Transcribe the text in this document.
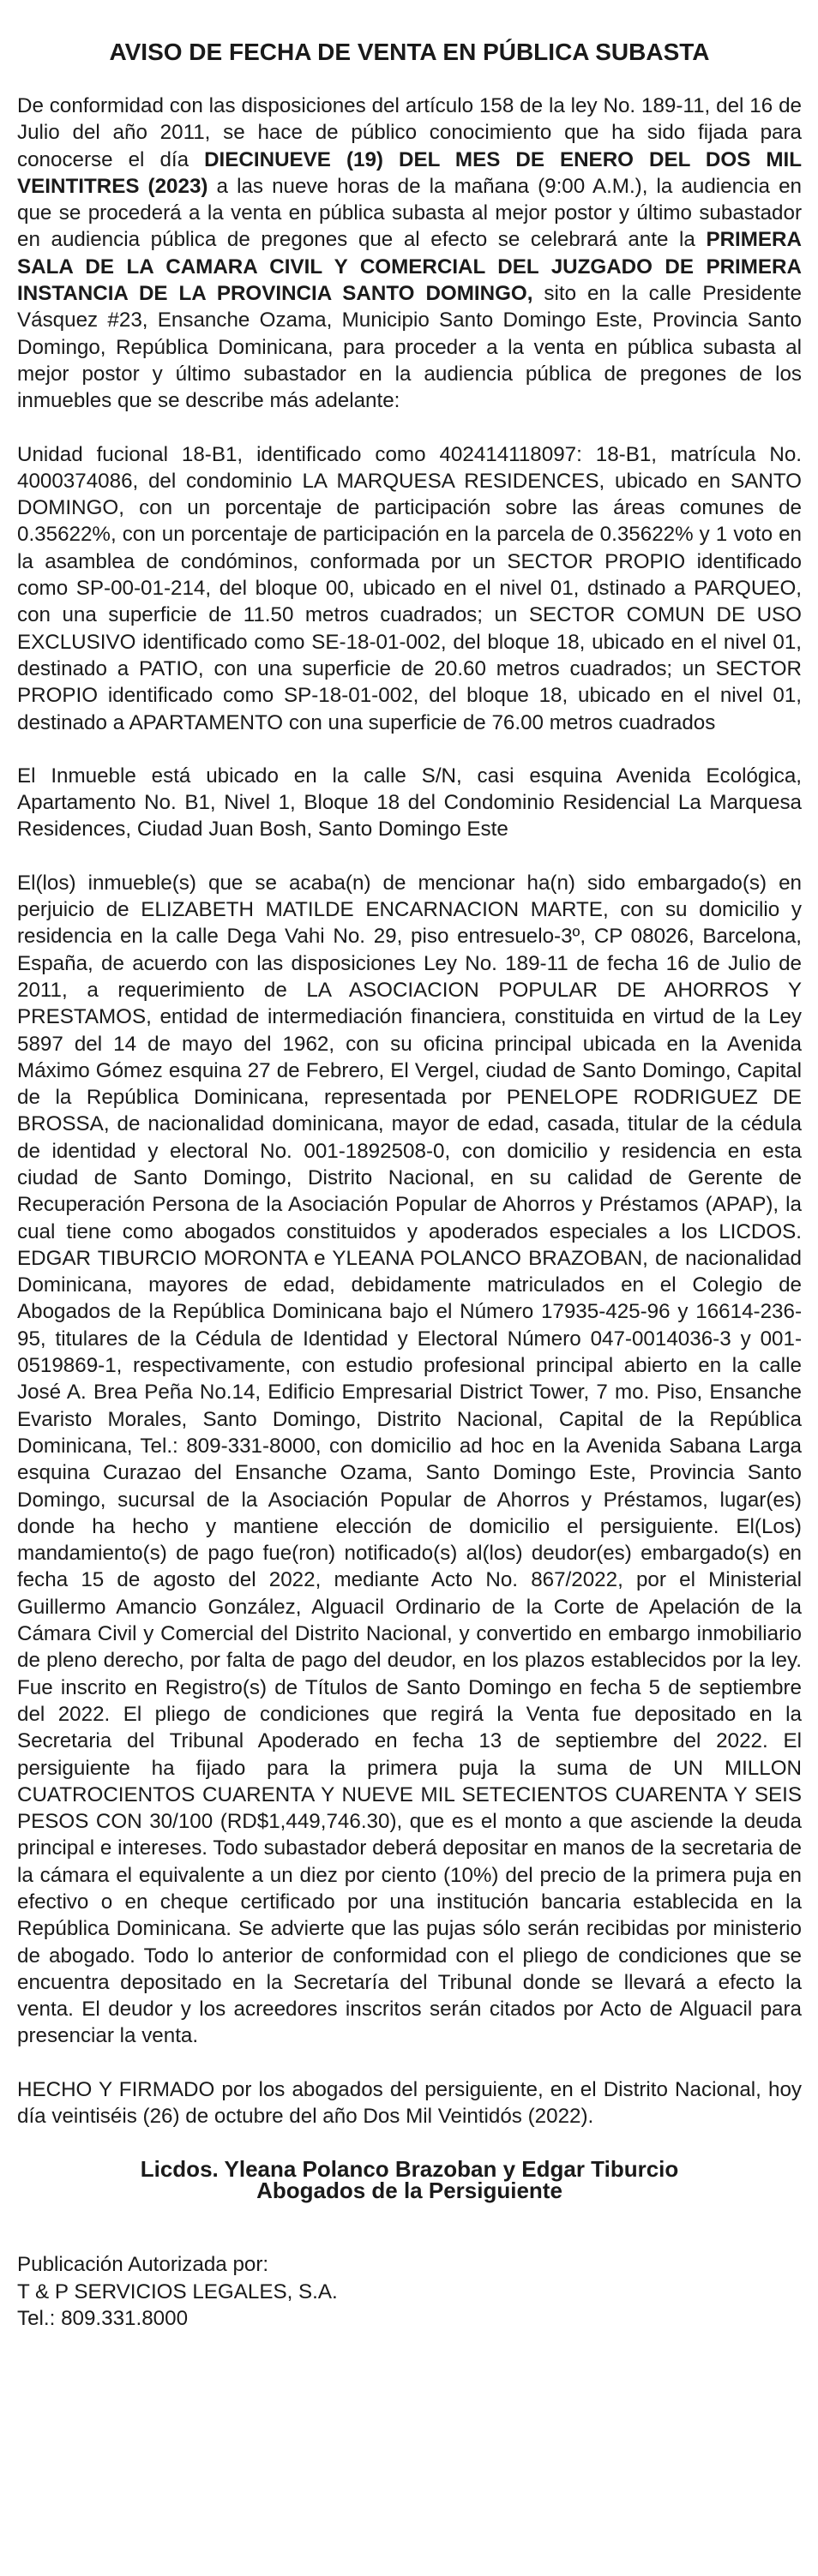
AVISO DE FECHA DE VENTA EN PÚBLICA SUBASTA

De conformidad con las disposiciones del artículo 158 de la ley No. 189-11, del 16 de Julio del año 2011, se hace de público conocimiento que ha sido fijada para conocerse el día DIECINUEVE (19) DEL MES DE ENERO DEL DOS MIL VEINTITRES (2023) a las nueve horas de la mañana (9:00 A.M.), la audiencia en que se procederá a la venta en pública subasta al mejor postor y último subastador en audiencia pública de pregones que al efecto se celebrará ante la PRIMERA SALA DE LA CAMARA CIVIL Y COMERCIAL DEL JUZGADO DE PRIMERA INSTANCIA DE LA PROVINCIA SANTO DOMINGO, sito en la calle Presidente Vásquez #23, Ensanche Ozama, Municipio Santo Domingo Este, Provincia Santo Domingo, República Dominicana, para proceder a la venta en pública subasta al mejor postor y último subastador en la audiencia pública de pregones de los inmuebles que se describe más adelante:

Unidad fucional 18-B1, identificado como 402414118097: 18-B1, matrícula No. 4000374086, del condominio LA MARQUESA RESIDENCES, ubicado en SANTO DOMINGO, con un porcentaje de participación sobre las áreas comunes de 0.35622%, con un porcentaje de participación en la parcela de 0.35622% y 1 voto en la asamblea de condóminos, conformada por un SECTOR PROPIO identificado como SP-00-01-214, del bloque 00, ubicado en el nivel 01, dstinado a PARQUEO, con una superficie de 11.50 metros cuadrados; un SECTOR COMUN DE USO EXCLUSIVO identificado como SE-18-01-002, del bloque 18, ubicado en el nivel 01, destinado a PATIO, con una superficie de 20.60 metros cuadrados; un SECTOR PROPIO identificado como SP-18-01-002, del bloque 18, ubicado en el nivel 01, destinado a APARTAMENTO con una superficie de 76.00 metros cuadrados

El Inmueble está ubicado en la calle S/N, casi esquina Avenida Ecológica, Apartamento No. B1, Nivel 1, Bloque 18 del Condominio Residencial La Marquesa Residences, Ciudad Juan Bosh, Santo Domingo Este

El(los) inmueble(s) que se acaba(n) de mencionar ha(n) sido embargado(s) en perjuicio de ELIZABETH MATILDE ENCARNACION MARTE, con su domicilio y residencia en la calle Dega Vahi No. 29, piso entresuelo-3º, CP 08026, Barcelona, España, de acuerdo con las disposiciones Ley No. 189-11 de fecha 16 de Julio de 2011, a requerimiento de LA ASOCIACION POPULAR DE AHORROS Y PRESTAMOS, entidad de intermediación financiera, constituida en virtud de la Ley 5897 del 14 de mayo del 1962, con su oficina principal ubicada en la Avenida Máximo Gómez esquina 27 de Febrero, El Vergel, ciudad de Santo Domingo, Capital de la República Dominicana, representada por PENELOPE RODRIGUEZ DE BROSSA, de nacionalidad dominicana, mayor de edad, casada, titular de la cédula de identidad y electoral No. 001-1892508-0, con domicilio y residencia en esta ciudad de Santo Domingo, Distrito Nacional, en su calidad de Gerente de Recuperación Persona de la Asociación Popular de Ahorros y Préstamos (APAP), la cual tiene como abogados constituidos y apoderados especiales a los LICDOS. EDGAR TIBURCIO MORONTA e YLEANA POLANCO BRAZOBAN, de nacionalidad Dominicana, mayores de edad, debidamente matriculados en el Colegio de Abogados de la República Dominicana bajo el Número 17935-425-96 y 16614-236-95, titulares de la Cédula de Identidad y Electoral Número 047-0014036-3 y 001-0519869-1, respectivamente, con estudio profesional principal abierto en la calle José A. Brea Peña No.14, Edificio Empresarial District Tower, 7 mo. Piso, Ensanche Evaristo Morales, Santo Domingo, Distrito Nacional, Capital de la República Dominicana, Tel.: 809-331-8000, con domicilio ad hoc en la Avenida Sabana Larga esquina Curazao del Ensanche Ozama, Santo Domingo Este, Provincia Santo Domingo, sucursal de la Asociación Popular de Ahorros y Préstamos, lugar(es) donde ha hecho y mantiene elección de domicilio el persiguiente. El(Los) mandamiento(s) de pago fue(ron) notificado(s) al(los) deudor(es) embargado(s) en fecha 15 de agosto del 2022, mediante Acto No. 867/2022, por el Ministerial Guillermo Amancio González, Alguacil Ordinario de la Corte de Apelación de la Cámara Civil y Comercial del Distrito Nacional, y convertido en embargo inmobiliario de pleno derecho, por falta de pago del deudor, en los plazos establecidos por la ley. Fue inscrito en Registro(s) de Títulos de Santo Domingo en fecha 5 de septiembre del 2022. El pliego de condiciones que regirá la Venta fue depositado en la Secretaria del Tribunal Apoderado en fecha 13 de septiembre del 2022. El persiguiente ha fijado para la primera puja la suma de UN MILLON CUATROCIENTOS CUARENTA Y NUEVE MIL SETECIENTOS CUARENTA Y SEIS PESOS CON 30/100 (RD$1,449,746.30), que es el monto a que asciende la deuda principal e intereses. Todo subastador deberá depositar en manos de la secretaria de la cámara el equivalente a un diez por ciento (10%) del precio de la primera puja en efectivo o en cheque certificado por una institución bancaria establecida en la República Dominicana. Se advierte que las pujas sólo serán recibidas por ministerio de abogado. Todo lo anterior de conformidad con el pliego de condiciones que se encuentra depositado en la Secretaría del Tribunal donde se llevará a efecto la venta. El deudor y los acreedores inscritos serán citados por Acto de Alguacil para presenciar la venta.

HECHO Y FIRMADO por los abogados del persiguiente, en el Distrito Nacional, hoy día veintiséis (26) de octubre del año Dos Mil Veintidós (2022).

Licdos. Yleana Polanco Brazoban y Edgar Tiburcio
Abogados de la Persiguiente
Publicación Autorizada por:
T & P SERVICIOS LEGALES, S.A.
Tel.: 809.331.8000
